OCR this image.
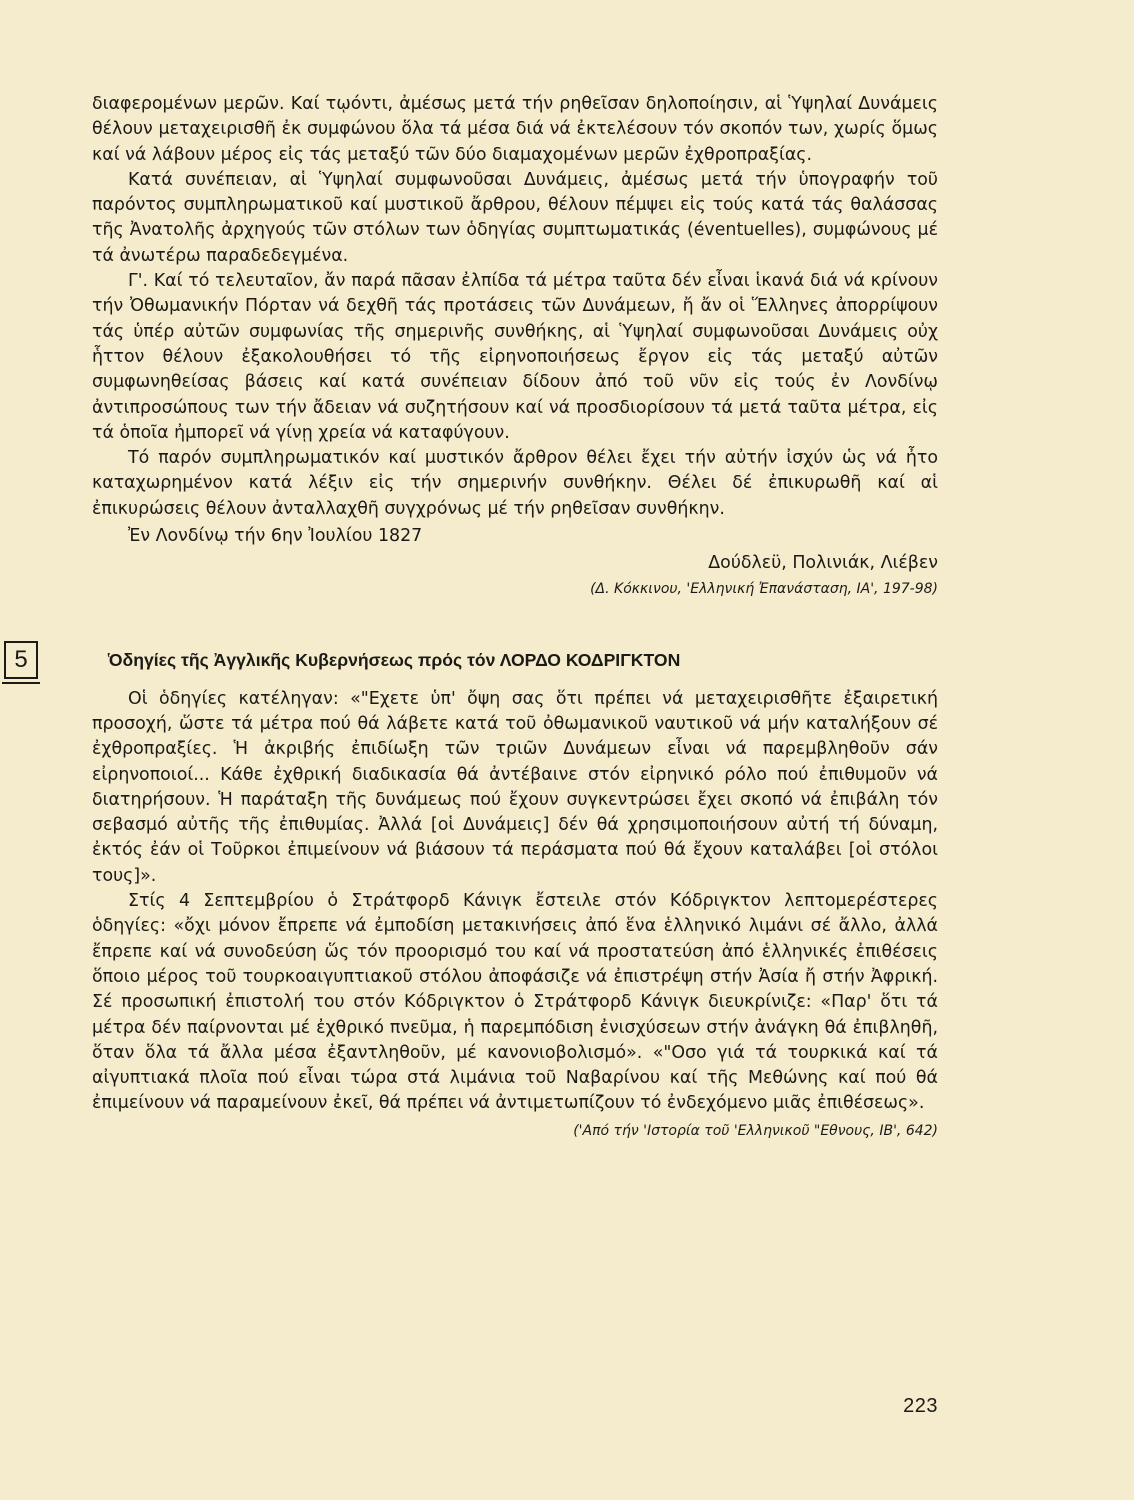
διαφερομένων μερῶν. Καί τῳόντι, ἀμέσως μετά τήν ρηθεῖσαν δηλοποίησιν, αἱ Ὑψηλαί Δυνάμεις θέλουν μεταχειρισθῆ ἐκ συμφώνου ὅλα τά μέσα διά νά ἐκτελέσουν τόν σκοπόν των, χωρίς ὅμως καί νά λάβουν μέρος εἰς τάς μεταξύ τῶν δύο διαμαχομένων μερῶν ἐχθροπραξίας.

Κατά συνέπειαν, αἱ Ὑψηλαί συμφωνοῦσαι Δυνάμεις, ἀμέσως μετά τήν ὑπογραφήν τοῦ παρόντος συμπληρωματικοῦ καί μυστικοῦ ἄρθρου, θέλουν πέμψει εἰς τούς κατά τάς θαλάσσας τῆς Ἀνατολῆς ἀρχηγούς τῶν στόλων των ὁδηγίας συμπτωματικάς (éventuelles), συμφώνους μέ τά ἀνωτέρω παραδεδεγμένα.

Γ'. Καί τό τελευταῖον, ἄν παρά πᾶσαν ἐλπίδα τά μέτρα ταῦτα δέν εἶναι ἱκανά διά νά κρίνουν τήν Ὀθωμανικήν Πόρταν νά δεχθῆ τάς προτάσεις τῶν Δυνάμεων, ἤ ἄν οἱ Ἕλληνες ἀπορρίψουν τάς ὑπέρ αὐτῶν συμφωνίας τῆς σημερινῆς συνθήκης, αἱ Ὑψηλαί συμφωνοῦσαι Δυνάμεις οὐχ ἧττον θέλουν ἐξακολουθήσει τό τῆς εἰρηνοποιήσεως ἔργον εἰς τάς μεταξύ αὐτῶν συμφωνηθείσας βάσεις καί κατά συνέπειαν δίδουν ἀπό τοῦ νῦν εἰς τούς ἐν Λονδίνῳ ἀντιπροσώπους των τήν ἄδειαν νά συζητήσουν καί νά προσδιορίσουν τά μετά ταῦτα μέτρα, εἰς τά ὁποῖα ἠμπορεῖ νά γίνῃ χρεία νά καταφύγουν.

Τό παρόν συμπληρωματικόν καί μυστικόν ἄρθρον θέλει ἔχει τήν αὐτήν ἰσχύν ὡς νά ἦτο καταχωρημένον κατά λέξιν εἰς τήν σημερινήν συνθήκην. Θέλει δέ ἐπικυρωθῆ καί αἱ ἐπικυρώσεις θέλουν ἀνταλλαχθῆ συγχρόνως μέ τήν ρηθεῖσαν συνθήκην.

Ἐν Λονδίνῳ τήν 6ην Ἰουλίου 1827
Δούδλεϋ, Πολινιάκ, Λιέβεν
(Δ. Κόκκινου, 'Ελληνική Ἐπανάσταση, ΙΑ', 197-98)
5	Ὁδηγίες τῆς Ἀγγλικῆς Κυβερνήσεως πρός τόν ΛΟΡΔΟ ΚΟΔΡΙΓΚΤΟΝ

Οἱ ὁδηγίες κατέληγαν: «"Εχετε ὑπ' ὄψη σας ὅτι πρέπει νά μεταχειρισθῆτε ἐξαιρετική προσοχή, ὥστε τά μέτρα πού θά λάβετε κατά τοῦ ὀθωμανικοῦ ναυτικοῦ νά μήν καταλήξουν σέ ἐχθροπραξίες. Ἡ ἀκριβής ἐπιδίωξη τῶν τριῶν Δυνάμεων εἶναι νά παρεμβληθοῦν σάν εἰρηνοποιοί... Κάθε ἐχθρική διαδικασία θά ἀντέβαινε στόν εἰρηνικό ρόλο πού ἐπιθυμοῦν νά διατηρήσουν. Ἡ παράταξη τῆς δυνάμεως πού ἔχουν συγκεντρώσει ἔχει σκοπό νά ἐπιβάλη τόν σεβασμό αὐτῆς τῆς ἐπιθυμίας. Ἀλλά [οἱ Δυνάμεις] δέν θά χρησιμοποιήσουν αὐτή τή δύναμη, ἐκτός ἐάν οἱ Τοῦρκοι ἐπιμείνουν νά βιάσουν τά περάσματα πού θά ἔχουν καταλάβει [οἱ στόλοι τους]».

Στίς 4 Σεπτεμβρίου ὁ Στράτφορδ Κάνιγκ ἔστειλε στόν Κόδριγκτον λεπτομερέστερες ὁδηγίες: «ὄχι μόνον ἔπρεπε νά ἐμποδίση μετακινήσεις ἀπό ἕνα ἑλληνικό λιμάνι σέ ἄλλο, ἀλλά ἔπρεπε καί νά συνοδεύση ὥς τόν προορισμό του καί νά προστατεύση ἀπό ἑλληνικές ἐπιθέσεις ὅποιο μέρος τοῦ τουρκοαιγυπτιακοῦ στόλου ἀποφάσιζε νά ἐπιστρέψη στήν Ἀσία ἤ στήν Ἀφρική. Σέ προσωπική ἐπιστολή του στόν Κόδριγκτον ὁ Στράτφορδ Κάνιγκ διευκρίνιζε: «Παρ' ὅτι τά μέτρα δέν παίρνονται μέ ἐχθρικό πνεῦμα, ἡ παρεμπόδιση ἐνισχύσεων στήν ἀνάγκη θά ἐπιβληθῆ, ὅταν ὅλα τά ἄλλα μέσα ἐξαντληθοῦν, μέ κανονιοβολισμό». «"Οσο γιά τά τουρκικά καί τά αἰγυπτιακά πλοῖα πού εἶναι τώρα στά λιμάνια τοῦ Ναβαρίνου καί τῆς Μεθώνης καί πού θά ἐπιμείνουν νά παραμείνουν ἐκεῖ, θά πρέπει νά ἀντιμετωπίζουν τό ἐνδεχόμενο μιᾶς ἐπιθέσεως».

('Από τήν 'Ιστορία τοῦ 'Ελληνικοῦ "Εθνους, ΙΒ', 642)
223
